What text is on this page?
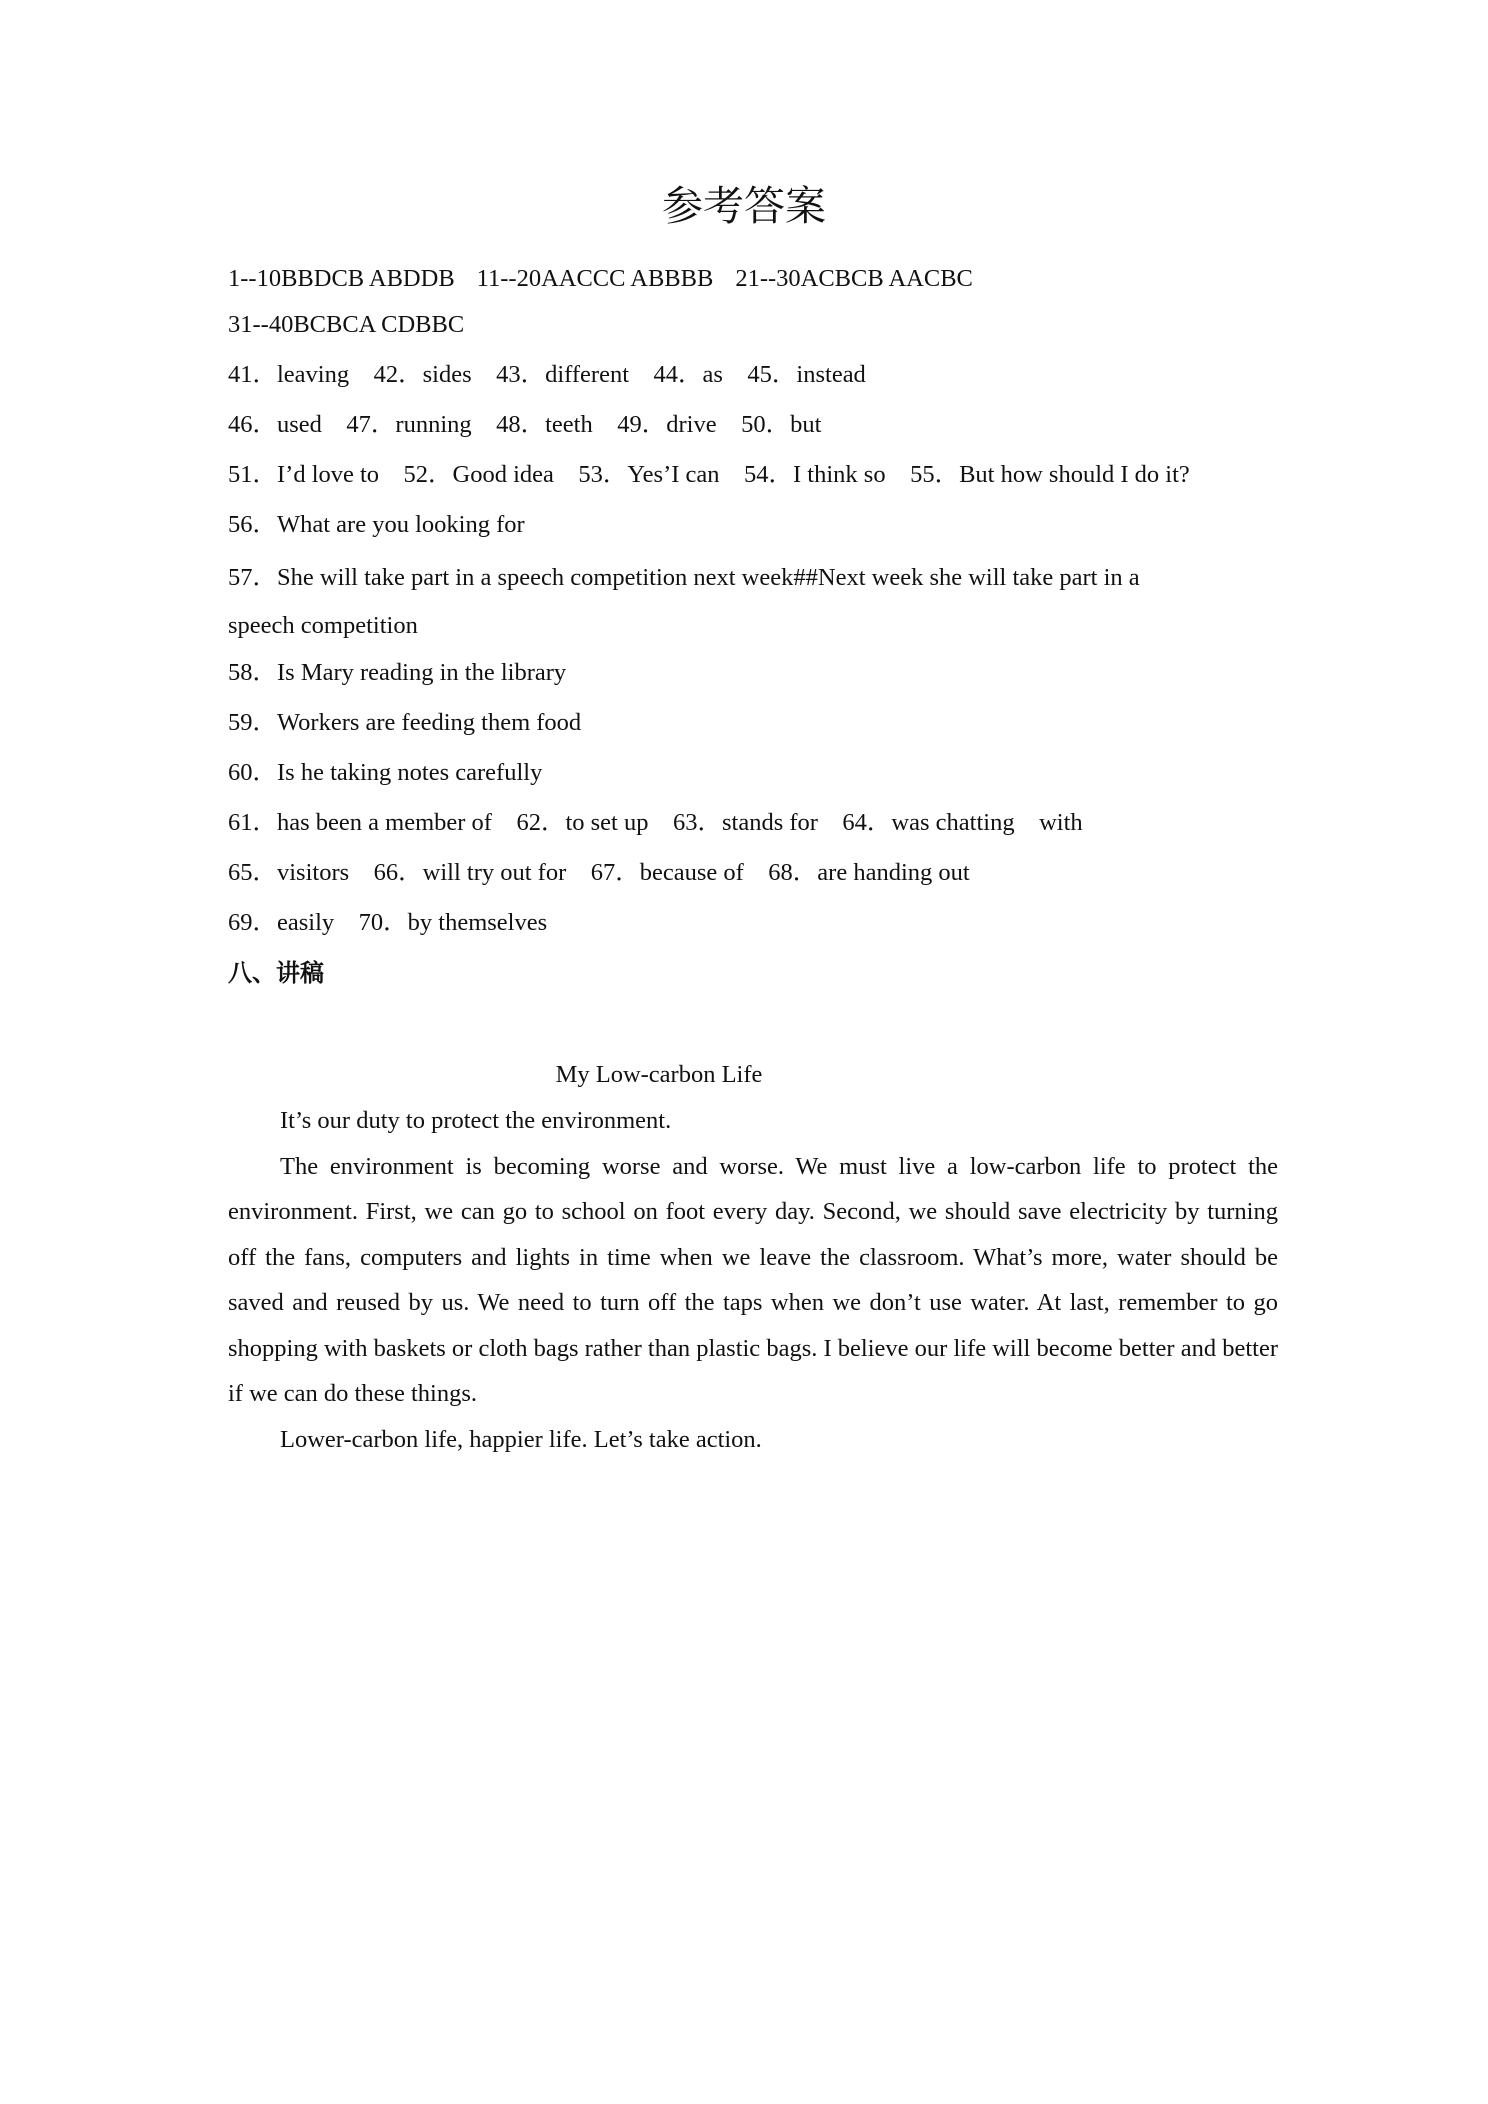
参考答案
1--10BBDCB ABDDB 11--20AACCC ABBBB 21--30ACBCB AACBC
31--40BCBCA CDBBC
41．leaving　42．sides　43．different　44．as　45．instead
46．used　47．running　48．teeth　49．drive　50．but
51．I’d love to　52．Good idea　53．Yes’I can　54．I think so　55．But how should I do it?
56．What are you looking for
57．She will take part in a speech competition next week##Next week she will take part in a
speech competition
58．Is Mary reading in the library
59．Workers are feeding them food
60．Is he taking notes carefully
61．has been a member of　62．to set up　63．stands for　64．was chatting　with
65．visitors　66．will try out for　67．because of　68．are handing out
69．easily　70．by themselves
八、讲稿
My Low-carbon Life

It’s our duty to protect the environment.

The environment is becoming worse and worse. We must live a low-carbon life to protect the environment. First, we can go to school on foot every day. Second, we should save electricity by turning off the fans, computers and lights in time when we leave the classroom. What’s more, water should be saved and reused by us. We need to turn off the taps when we don’t use water. At last, remember to go shopping with baskets or cloth bags rather than plastic bags. I believe our life will become better and better if we can do these things.

Lower-carbon life, happier life. Let’s take action.
